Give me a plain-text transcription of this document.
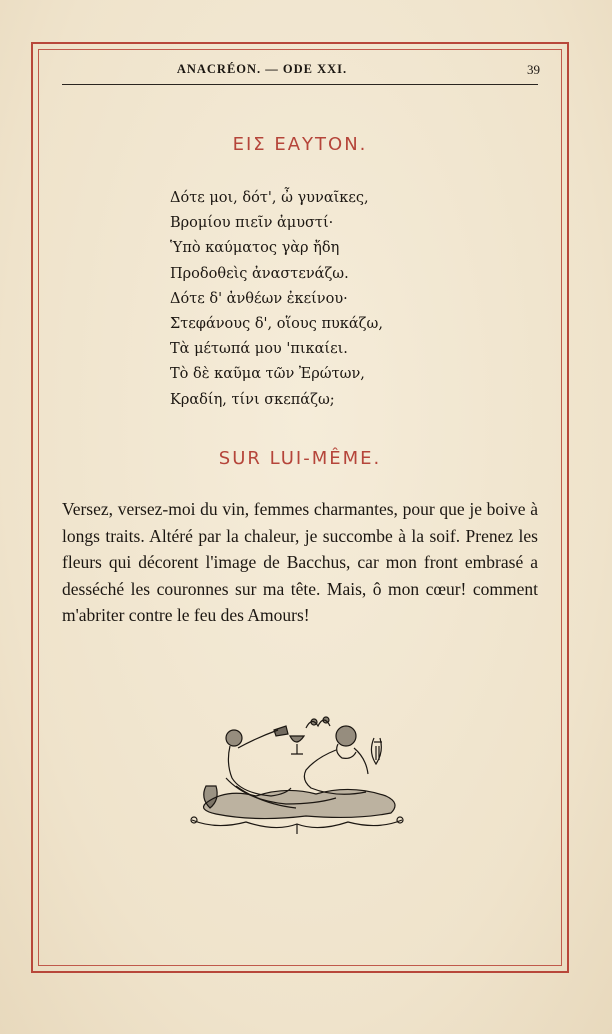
ANACRÉON. — ODE XXI.	39
ΕΙΣ ΕΑΥΤΟΝ.
Δότε μοι, δότ', ὦ γυναῖκες,
Βρομίου πιεῖν ἀμυστί·
Ὑπὸ καύματος γὰρ ἤδη
Προδοθεὶς ἀναστενάζω.
Δότε δ' ἀνθέων ἐκείνου·
Στεφάνους δ', οἵους πυκάζω,
Τὰ μέτωπά μου 'πικαίει.
Τὸ δὲ καῦμα τῶν Ἐρώτων,
Κραδίη, τίνι σκεπάζω;
SUR LUI-MÊME.
Versez, versez-moi du vin, femmes charmantes, pour que je boive à longs traits. Altéré par la chaleur, je succombe à la soif. Prenez les fleurs qui décorent l'image de Bacchus, car mon front embrasé a desséché les couronnes sur ma tête. Mais, ô mon cœur! comment m'abriter contre le feu des Amours!
